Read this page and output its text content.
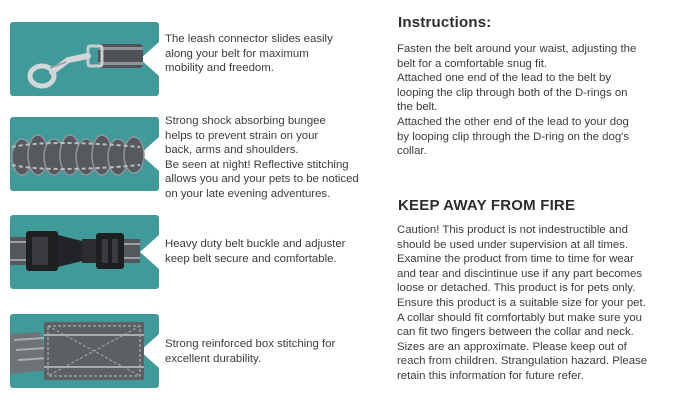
The leash connector slides easily
along your belt for maximum
mobility and freedom.
Strong shock absorbing bungee
helps to prevent strain on your
back, arms and shoulders.
Be seen at night! Reflective stitching
allows you and your pets to be noticed
on your late evening adventures.
Heavy duty belt buckle and adjuster
keep belt secure and comfortable.
Strong reinforced box stitching for
excellent durability.
Instructions:
Fasten the belt around your waist, adjusting the
belt for a comfortable snug fit.
Attached one end of the lead to the belt by
looping the clip through both of the D-rings on
the belt.
Attached the other end of the lead to your dog
by looping clip through the D-ring on the dog's
collar.
KEEP AWAY FROM FIRE
Caution! This product is not indestructible and
should be used under supervision at all times.
Examine the product from time to time for wear
and tear and discintinue use if any part becomes
loose or detached. This product is for pets only.
Ensure this product is a suitable size for your pet.
A collar should fit comfortably but make sure you
can fit two fingers between the collar and neck.
Sizes are an approximate. Please keep out of
reach from children. Strangulation hazard. Please
retain this information for future refer.
